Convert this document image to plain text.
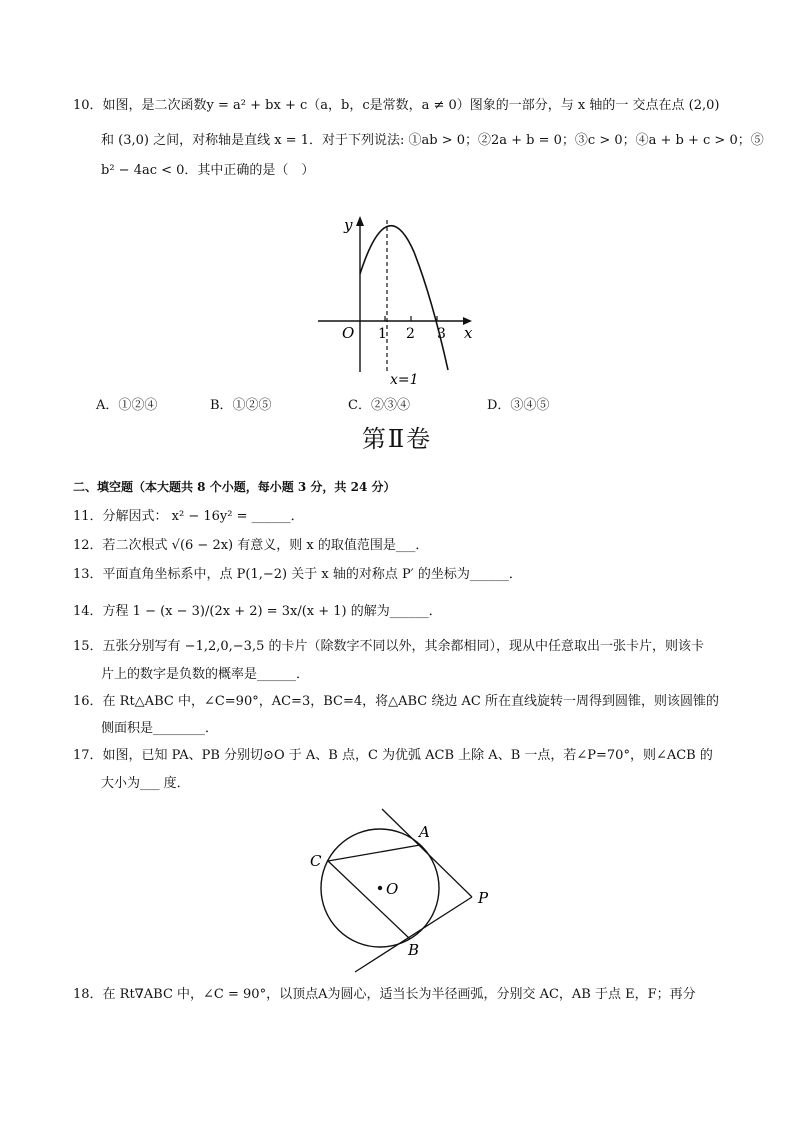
10．如图，是二次函数y = a² + bx + c（a，b，c是常数，a ≠ 0）图象的一部分，与 x 轴的一 交点在点 (2,0)
和 (3,0) 之间，对称轴是直线 x = 1．对于下列说法: ①ab > 0；②2a + b = 0；③c > 0；④a + b + c > 0；⑤
b² − 4ac < 0．其中正确的是（　）
y
x
O 1 2 3
x=1
A．①②④	B．①②⑤	C．②③④	D．③④⑤
第Ⅱ卷
二、填空题（本大题共 8 个小题，每小题 3 分，共 24 分）
11．分解因式： x² − 16y² = ______．
12．若二次根式 √(6 − 2x) 有意义，则 x 的取值范围是___．
13．平面直角坐标系中，点 P(1,−2) 关于 x 轴的对称点 P′ 的坐标为______．
14．方程 1 − (x − 3)/(2x + 2) = 3x/(x + 1) 的解为______．
15．五张分别写有 −1,2,0,−3,5 的卡片（除数字不同以外，其余都相同），现从中任意取出一张卡片，则该卡
片上的数字是负数的概率是______．
16．在 Rt△ABC 中，∠C=90°，AC=3，BC=4，将△ABC 绕边 AC 所在直线旋转一周得到圆锥，则该圆锥的
侧面积是________．
17．如图，已知 PA、PB 分别切⊙O 于 A、B 点，C 为优弧 ACB 上除 A、B 一点，若∠P=70°，则∠ACB 的
大小为___ 度．
A
B
C
O	P
18．在 Rt∇ABC 中，∠C = 90°，以顶点A为圆心，适当长为半径画弧，分别交 AC，AB 于点 E，F；再分
